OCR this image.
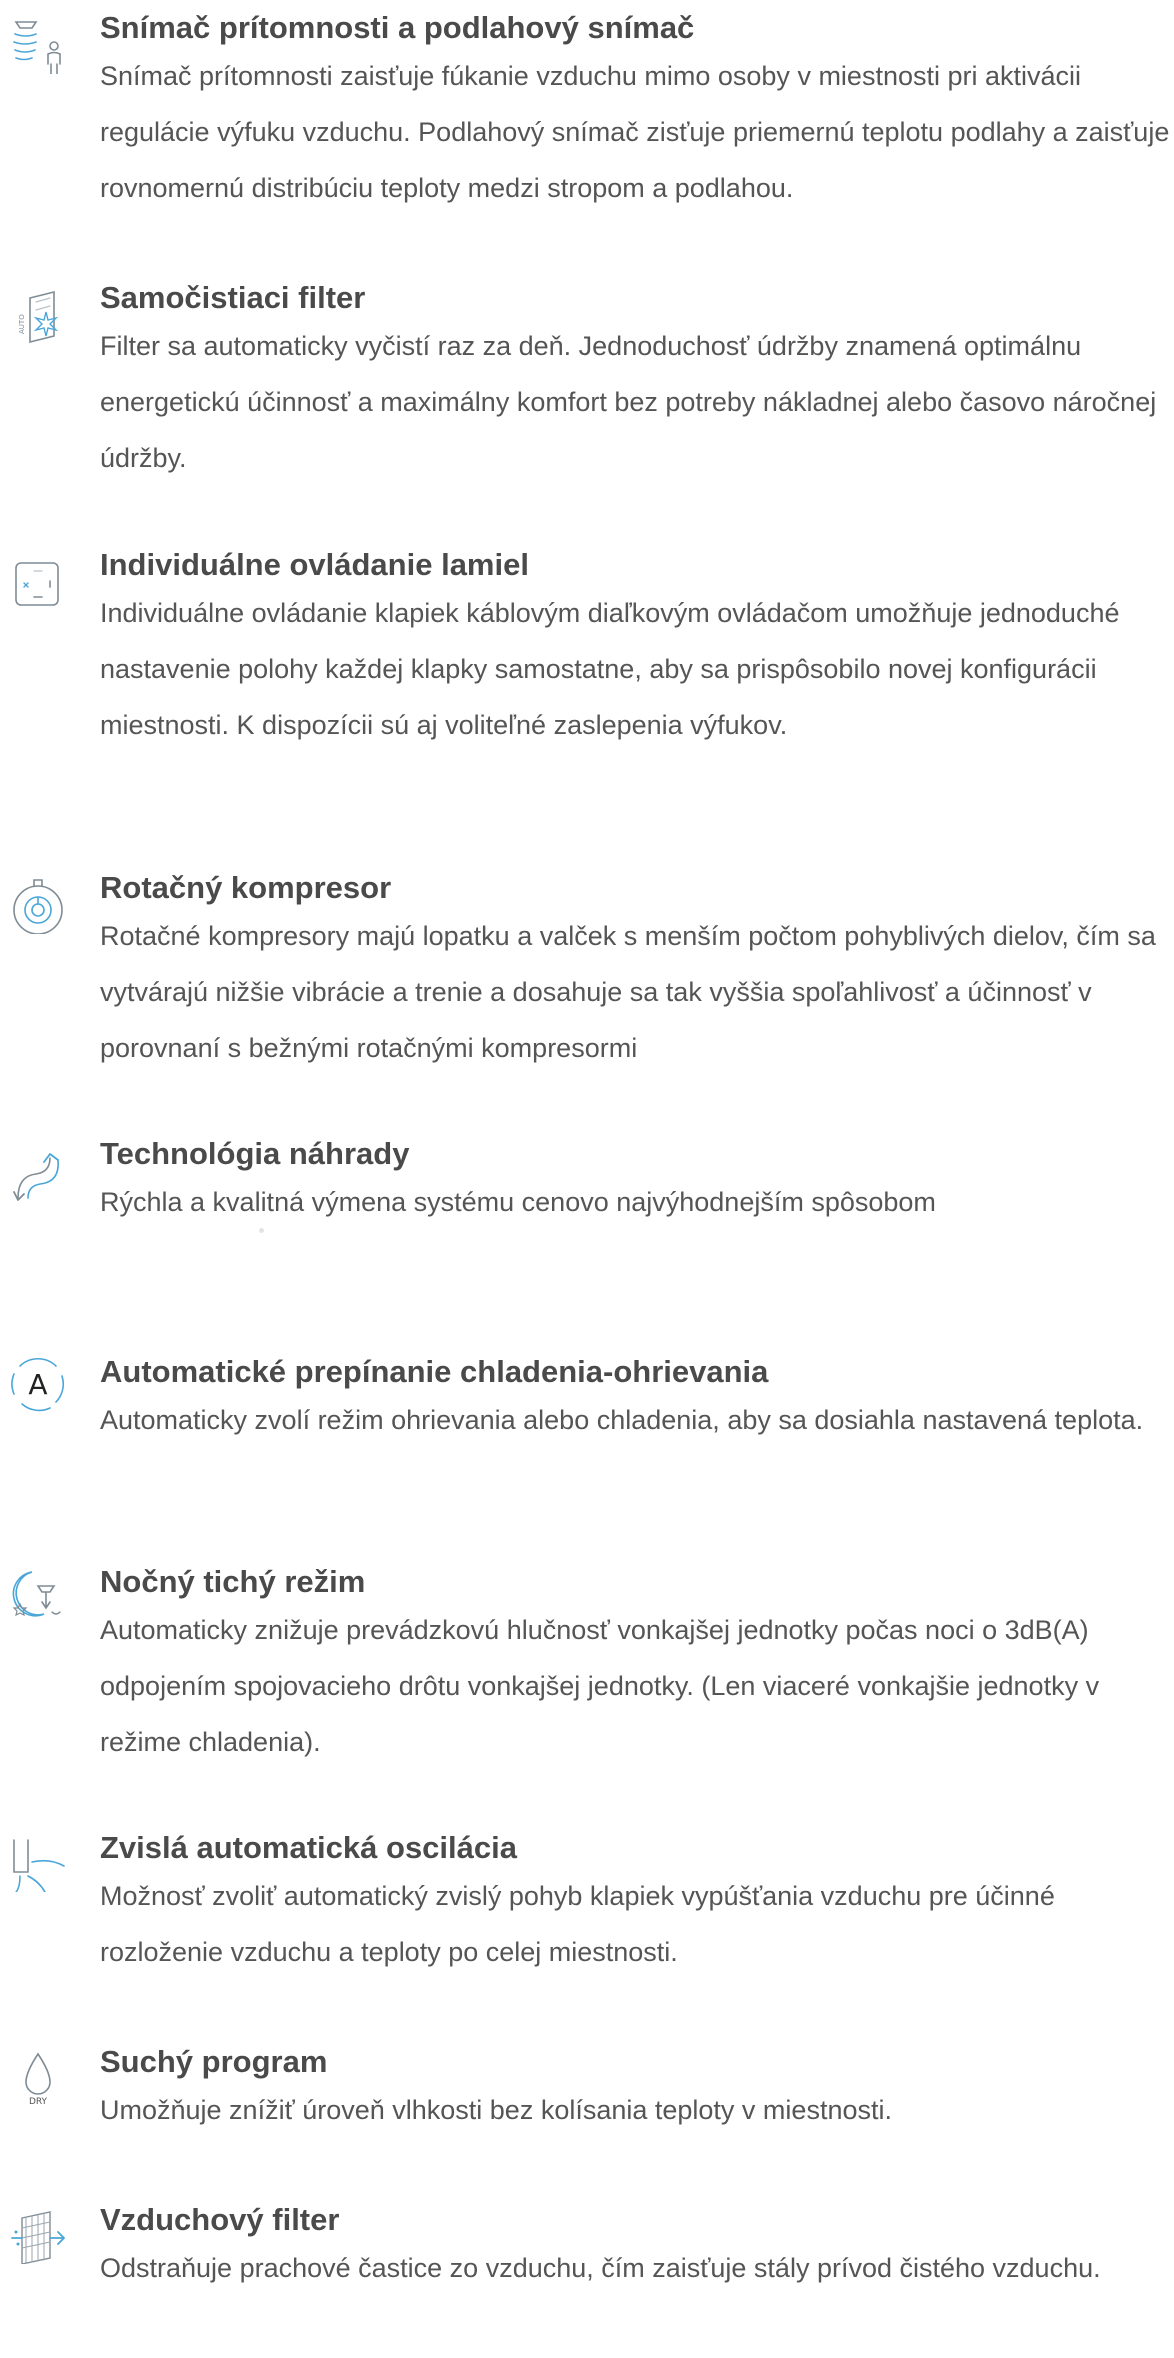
Snímač prítomnosti a podlahový snímač

Snímač prítomnosti zaisťuje fúkanie vzduchu mimo osoby v miestnosti pri aktivácii regulácie výfuku vzduchu. Podlahový snímač zisťuje priemernú teplotu podlahy a zaisťuje rovnomernú distribúciu teploty medzi stropom a podlahou.

AUTO

Samočistiaci filter

Filter sa automaticky vyčistí raz za deň. Jednoduchosť údržby znamená optimálnu energetickú účinnosť a maximálny komfort bez potreby nákladnej alebo časovo náročnej údržby.

Individuálne ovládanie lamiel

Individuálne ovládanie klapiek káblovým diaľkovým ovládačom umožňuje jednoduché nastavenie polohy každej klapky samostatne, aby sa prispôsobilo novej konfigurácii miestnosti. K dispozícii sú aj voliteľné zaslepenia výfukov.

Rotačný kompresor

Rotačné kompresory majú lopatku a valček s menším počtom pohyblivých dielov, čím sa vytvárajú nižšie vibrácie a trenie a dosahuje sa tak vyššia spoľahlivosť a účinnosť v porovnaní s bežnými rotačnými kompresormi

Technológia náhrady

Rýchla a kvalitná výmena systému cenovo najvýhodnejším spôsobom

A Automatické prepínanie chladenia-ohrievania

Automaticky zvolí režim ohrievania alebo chladenia, aby sa dosiahla nastavená teplota.

Nočný tichý režim

Automaticky znižuje prevádzkovú hlučnosť vonkajšej jednotky počas noci o 3dB(A) odpojením spojovacieho drôtu vonkajšej jednotky. (Len viaceré vonkajšie jednotky v režime chladenia).

Zvislá automatická oscilácia

Možnosť zvoliť automatický zvislý pohyb klapiek vypúšťania vzduchu pre účinné rozloženie vzduchu a teploty po celej miestnosti.

DRY

Suchý program

Umožňuje znížiť úroveň vlhkosti bez kolísania teploty v miestnosti.

Vzduchový filter

Odstraňuje prachové častice zo vzduchu, čím zaisťuje stály prívod čistého vzduchu.
